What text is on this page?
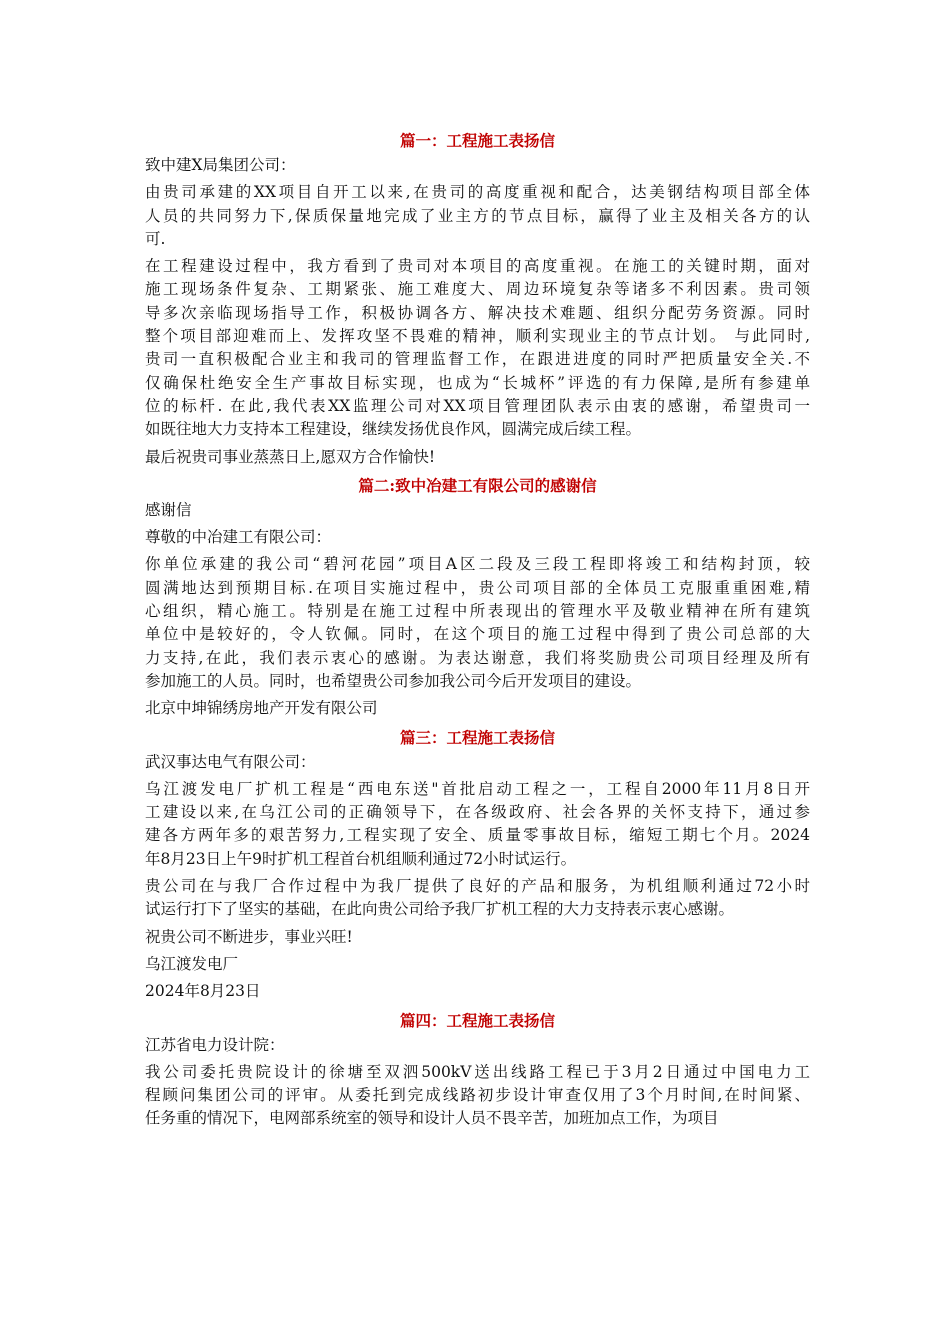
篇一：工程施工表扬信
致中建X局集团公司：
由贵司承建的XX项目自开工以来,在贵司的高度重视和配合，达美钢结构项目部全体
人员的共同努力下,保质保量地完成了业主方的节点目标，赢得了业主及相关各方的认
可.
在工程建设过程中，我方看到了贵司对本项目的高度重视。在施工的关键时期，面对
施工现场条件复杂、工期紧张、施工难度大、周边环境复杂等诸多不利因素。贵司领
导多次亲临现场指导工作，积极协调各方、解决技术难题、组织分配劳务资源。同时
整个项目部迎难而上、发挥攻坚不畏难的精神，顺利实现业主的节点计划。 与此同时,
贵司一直积极配合业主和我司的管理监督工作，在跟进进度的同时严把质量安全关.不
仅确保杜绝安全生产事故目标实现，也成为“长城杯”评选的有力保障,是所有参建单
位的标杆. 在此,我代表XX监理公司对XX项目管理团队表示由衷的感谢，希望贵司一
如既往地大力支持本工程建设，继续发扬优良作风，圆满完成后续工程。
最后祝贵司事业蒸蒸日上,愿双方合作愉快!
篇二:致中冶建工有限公司的感谢信
感谢信
尊敬的中冶建工有限公司：
你单位承建的我公司“碧河花园”项目A区二段及三段工程即将竣工和结构封顶，较
圆满地达到预期目标.在项目实施过程中，贵公司项目部的全体员工克服重重困难,精
心组织，精心施工。特别是在施工过程中所表现出的管理水平及敬业精神在所有建筑
单位中是较好的，令人钦佩。同时，在这个项目的施工过程中得到了贵公司总部的大
力支持,在此，我们表示衷心的感谢。为表达谢意，我们将奖励贵公司项目经理及所有
参加施工的人员。同时，也希望贵公司参加我公司今后开发项目的建设。
北京中坤锦绣房地产开发有限公司
篇三：工程施工表扬信
武汉事达电气有限公司：
乌江渡发电厂扩机工程是“西电东送"首批启动工程之一，工程自2000年11月8日开
工建设以来,在乌江公司的正确领导下，在各级政府、社会各界的关怀支持下，通过参
建各方两年多的艰苦努力,工程实现了安全、质量零事故目标，缩短工期七个月。2024
年8月23日上午9时扩机工程首台机组顺利通过72小时试运行。
贵公司在与我厂合作过程中为我厂提供了良好的产品和服务，为机组顺利通过72小时
试运行打下了坚实的基础，在此向贵公司给予我厂扩机工程的大力支持表示衷心感谢。
祝贵公司不断进步，事业兴旺!
乌江渡发电厂
2024年8月23日
篇四：工程施工表扬信
江苏省电力设计院：
我公司委托贵院设计的徐塘至双泗500kV送出线路工程已于3月2日通过中国电力工
程顾问集团公司的评审。从委托到完成线路初步设计审查仅用了3个月时间,在时间紧、
任务重的情况下，电网部系统室的领导和设计人员不畏辛苦，加班加点工作，为项目
